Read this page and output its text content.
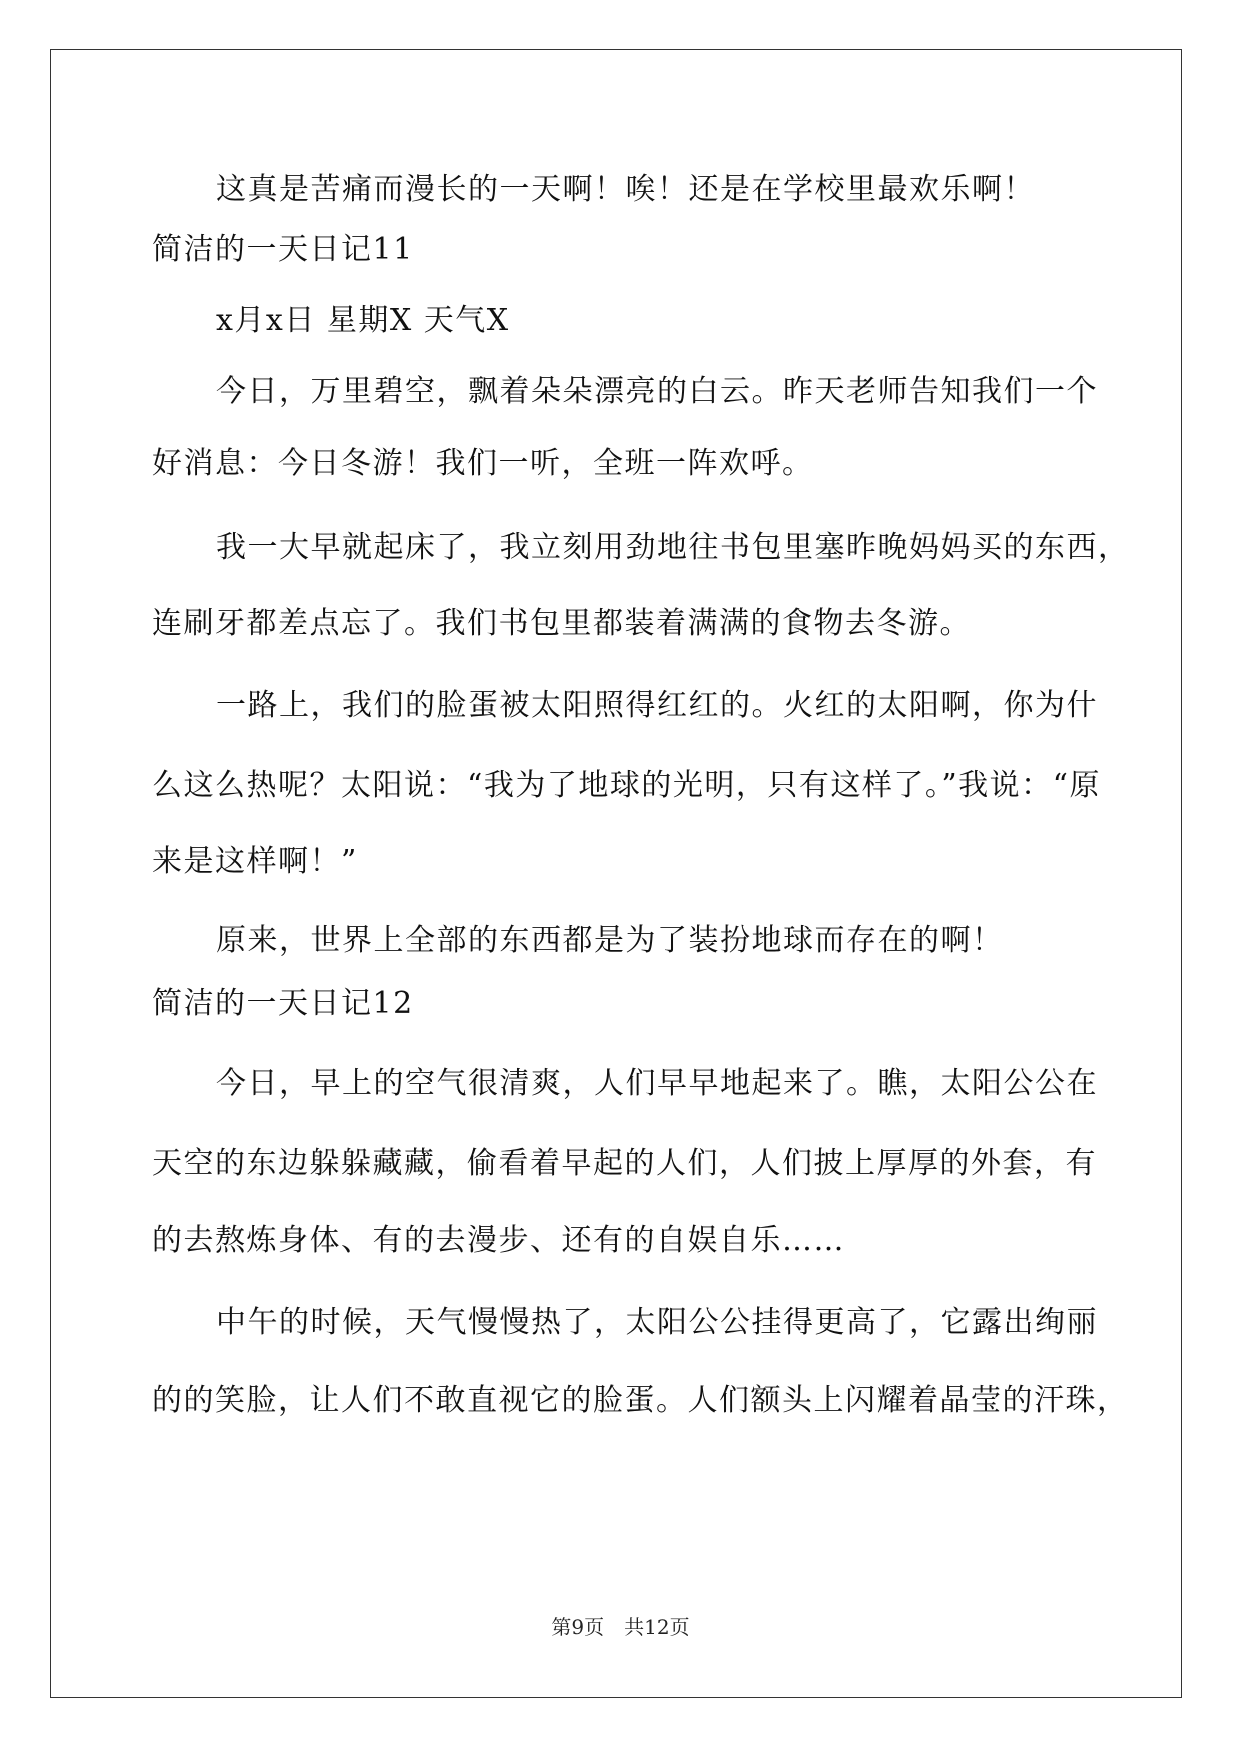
这真是苦痛而漫长的一天啊！唉！还是在学校里最欢乐啊！
简洁的一天日记11
x月x日 星期X 天气X
今日，万里碧空，飘着朵朵漂亮的白云。昨天老师告知我们一个
好消息：今日冬游！我们一听，全班一阵欢呼。
我一大早就起床了，我立刻用劲地往书包里塞昨晚妈妈买的东西，
连刷牙都差点忘了。我们书包里都装着满满的食物去冬游。
一路上，我们的脸蛋被太阳照得红红的。火红的太阳啊，你为什
么这么热呢？太阳说：“我为了地球的光明，只有这样了。”我说：“原
来是这样啊！”
原来，世界上全部的东西都是为了装扮地球而存在的啊！
简洁的一天日记12
今日，早上的空气很清爽，人们早早地起来了。瞧，太阳公公在
天空的东边躲躲藏藏，偷看着早起的人们，人们披上厚厚的外套，有
的去熬炼身体、有的去漫步、还有的自娱自乐……
中午的时候，天气慢慢热了，太阳公公挂得更高了，它露出绚丽
的的笑脸，让人们不敢直视它的脸蛋。人们额头上闪耀着晶莹的汗珠，
第9页 共12页
